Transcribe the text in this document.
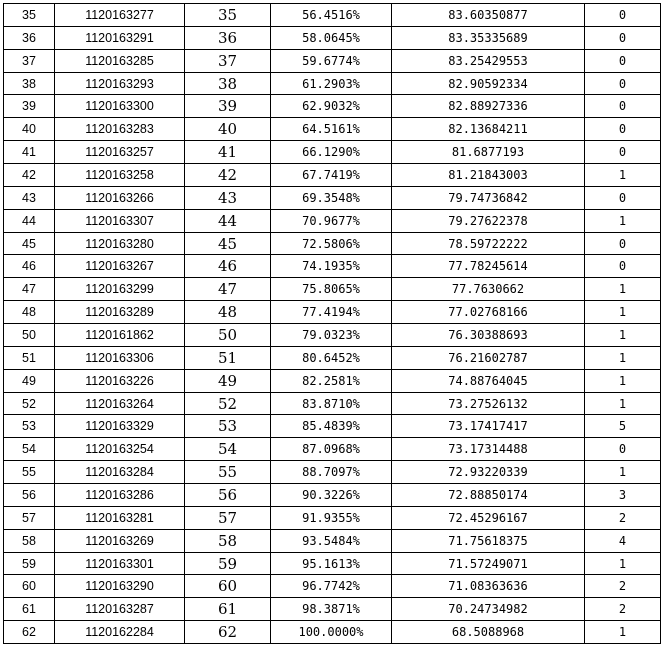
35	1120163277	35	56.4516%	83.60350877	0
36	1120163291	36	58.0645%	83.35335689	0
37	1120163285	37	59.6774%	83.25429553	0
38	1120163293	38	61.2903%	82.90592334	0
39	1120163300	39	62.9032%	82.88927336	0
40	1120163283	40	64.5161%	82.13684211	0
41	1120163257	41	66.1290%	81.6877193	0
42	1120163258	42	67.7419%	81.21843003	1
43	1120163266	43	69.3548%	79.74736842	0
44	1120163307	44	70.9677%	79.27622378	1
45	1120163280	45	72.5806%	78.59722222	0
46	1120163267	46	74.1935%	77.78245614	0
47	1120163299	47	75.8065%	77.7630662	1
48	1120163289	48	77.4194%	77.02768166	1
50	1120161862	50	79.0323%	76.30388693	1
51	1120163306	51	80.6452%	76.21602787	1
49	1120163226	49	82.2581%	74.88764045	1
52	1120163264	52	83.8710%	73.27526132	1
53	1120163329	53	85.4839%	73.17417417	5
54	1120163254	54	87.0968%	73.17314488	0
55	1120163284	55	88.7097%	72.93220339	1
56	1120163286	56	90.3226%	72.88850174	3
57	1120163281	57	91.9355%	72.45296167	2
58	1120163269	58	93.5484%	71.75618375	4
59	1120163301	59	95.1613%	71.57249071	1
60	1120163290	60	96.7742%	71.08363636	2
61	1120163287	61	98.3871%	70.24734982	2
62	1120162284	62	100.0000%	68.5088968	1
